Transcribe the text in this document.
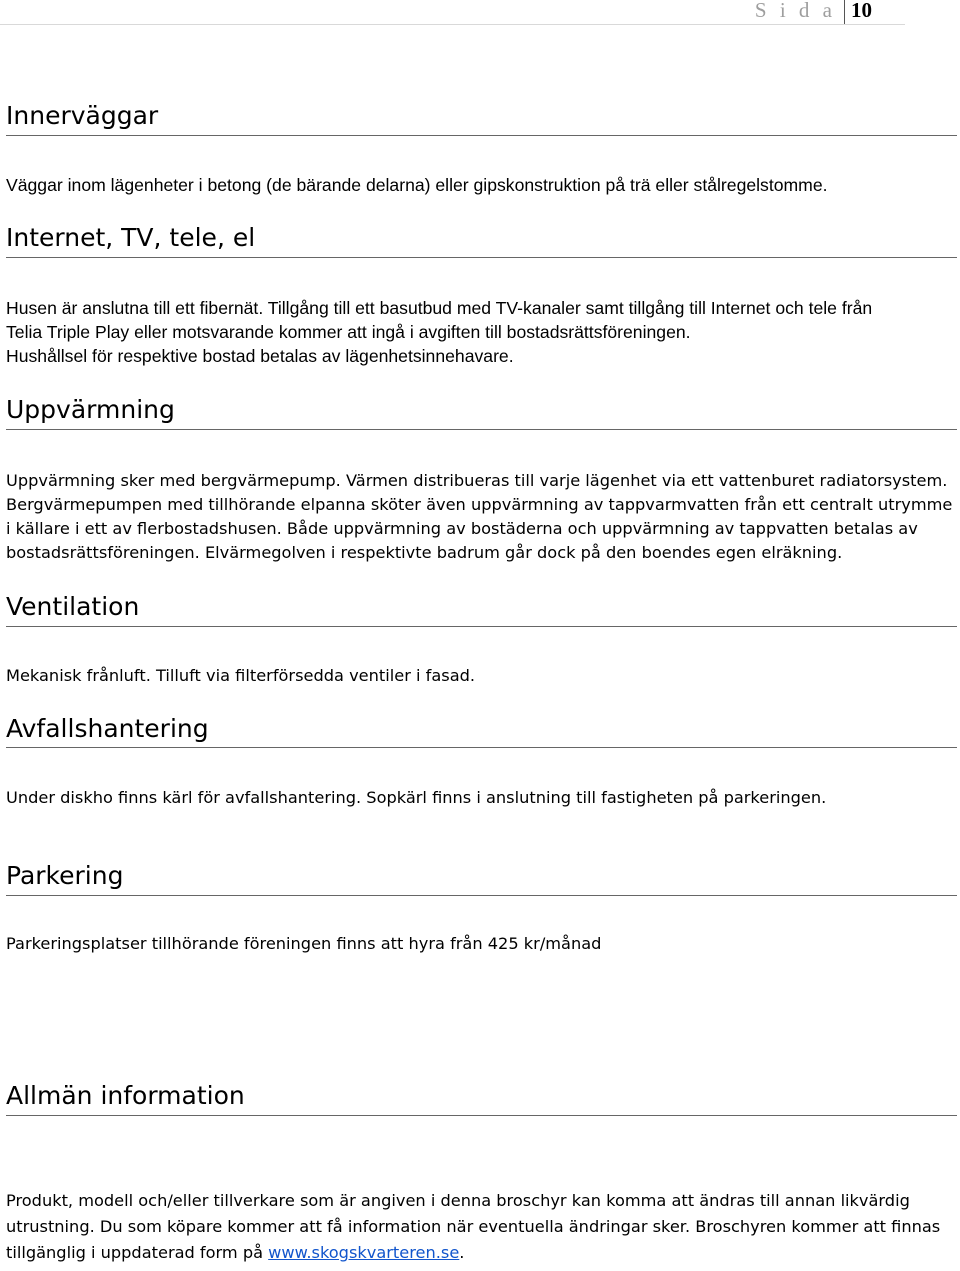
S i d a 10
Innerväggar

Väggar inom lägenheter i betong (de bärande delarna) eller gipskonstruktion på trä eller stålregelstomme.

Internet, TV, tele, el

Husen är anslutna till ett fibernät. Tillgång till ett basutbud med TV-kanaler samt tillgång till Internet och tele från

Telia Triple Play eller motsvarande kommer att ingå i avgiften till bostadsrättsföreningen.

Hushållsel för respektive bostad betalas av lägenhetsinnehavare.

Uppvärmning

Uppvärmning sker med bergvärmepump. Värmen distribueras till varje lägenhet via ett vattenburet radiatorsystem.

Bergvärmepumpen med tillhörande elpanna sköter även uppvärmning av tappvarmvatten från ett centralt utrymme

i källare i ett av flerbostadshusen. Både uppvärmning av bostäderna och uppvärmning av tappvatten betalas av

bostadsrättsföreningen. Elvärmegolven i respektivte badrum går dock på den boendes egen elräkning.

Ventilation

Mekanisk frånluft. Tilluft via filterförsedda ventiler i fasad.

Avfallshantering

Under diskho finns kärl för avfallshantering. Sopkärl finns i anslutning till fastigheten på parkeringen.

Parkering

Parkeringsplatser tillhörande föreningen finns att hyra från 425 kr/månad

Allmän information

Produkt, modell och/eller tillverkare som är angiven i denna broschyr kan komma att ändras till annan likvärdig

utrustning. Du som köpare kommer att få information när eventuella ändringar sker. Broschyren kommer att finnas

tillgänglig i uppdaterad form på www.skogskvarteren.se.
